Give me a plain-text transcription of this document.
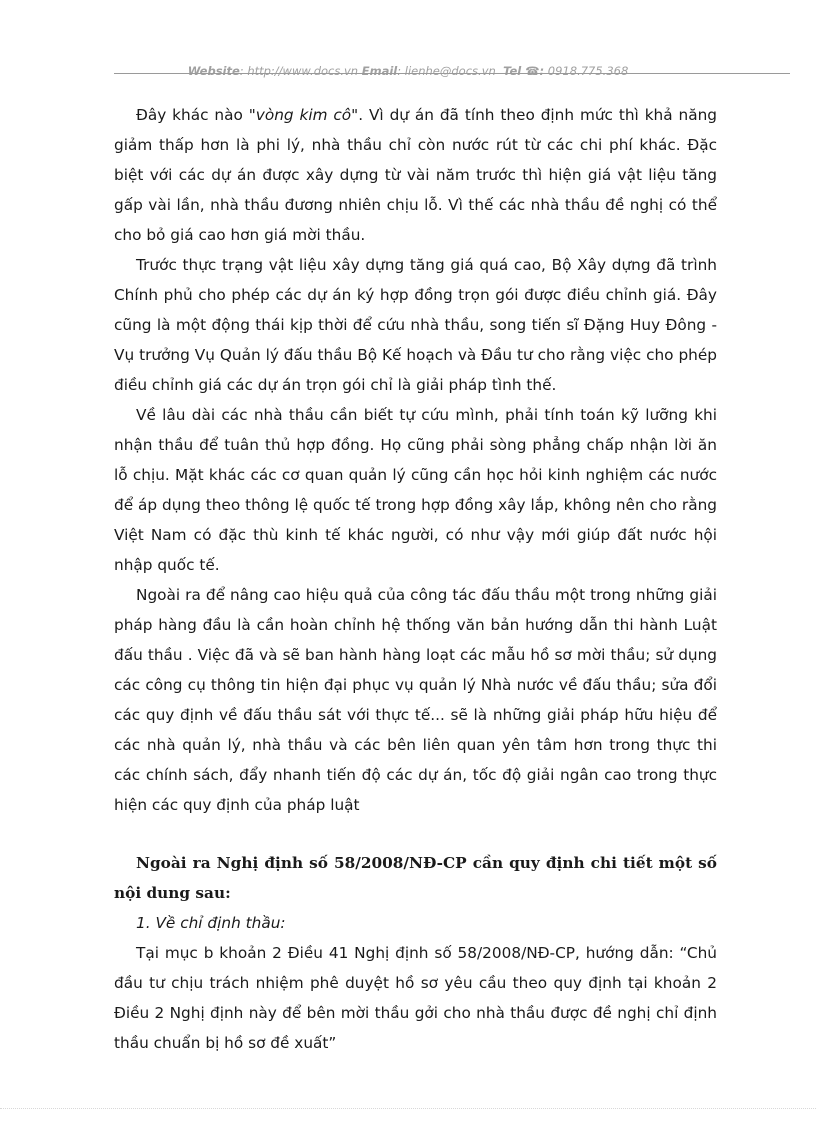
Website: http://www.docs.vn Email: lienhe@docs.vn Tel ☎: 0918.775.368

Đây khác nào "vòng kim cô". Vì dự án đã tính theo định mức thì khả năng giảm thấp hơn là phi lý, nhà thầu chỉ còn nước rút từ các chi phí khác. Đặc biệt với các dự án được xây dựng từ vài năm trước thì hiện giá vật liệu tăng gấp vài lần, nhà thầu đương nhiên chịu lỗ. Vì thế các nhà thầu đề nghị có thể cho bỏ giá cao hơn giá mời thầu.

Trước thực trạng vật liệu xây dựng tăng giá quá cao, Bộ Xây dựng đã trình Chính phủ cho phép các dự án ký hợp đồng trọn gói được điều chỉnh giá. Đây cũng là một động thái kịp thời để cứu nhà thầu, song tiến sĩ Đặng Huy Đông - Vụ trưởng Vụ Quản lý đấu thầu Bộ Kế hoạch và Đầu tư cho rằng việc cho phép điều chỉnh giá các dự án trọn gói chỉ là giải pháp tình thế.

Về lâu dài các nhà thầu cần biết tự cứu mình, phải tính toán kỹ lưỡng khi nhận thầu để tuân thủ hợp đồng. Họ cũng phải sòng phẳng chấp nhận lời ăn lỗ chịu. Mặt khác các cơ quan quản lý cũng cần học hỏi kinh nghiệm các nước để áp dụng theo thông lệ quốc tế trong hợp đồng xây lắp, không nên cho rằng Việt Nam có đặc thù kinh tế khác người, có như vậy mới giúp đất nước hội nhập quốc tế.

Ngoài ra để nâng cao hiệu quả của công tác đấu thầu một trong những giải pháp hàng đầu là cần hoàn chỉnh hệ thống văn bản hướng dẫn thi hành Luật đấu thầu . Việc đã và sẽ ban hành hàng loạt các mẫu hồ sơ mời thầu; sử dụng các công cụ thông tin hiện đại phục vụ quản lý Nhà nước về đấu thầu; sửa đổi các quy định về đấu thầu sát với thực tế... sẽ là những giải pháp hữu hiệu để các nhà quản lý, nhà thầu và các bên liên quan yên tâm hơn trong thực thi các chính sách, đẩy nhanh tiến độ các dự án, tốc độ giải ngân cao trong thực hiện các quy định của pháp luật

Ngoài ra Nghị định số 58/2008/NĐ-CP cần quy định chi tiết một số nội dung sau:

1. Về chỉ định thầu:

Tại mục b khoản 2 Điều 41 Nghị định số 58/2008/NĐ-CP, hướng dẫn: “Chủ đầu tư chịu trách nhiệm phê duyệt hồ sơ yêu cầu theo quy định tại khoản 2 Điều 2 Nghị định này để bên mời thầu gởi cho nhà thầu được đề nghị chỉ định thầu chuẩn bị hồ sơ đề xuất”
